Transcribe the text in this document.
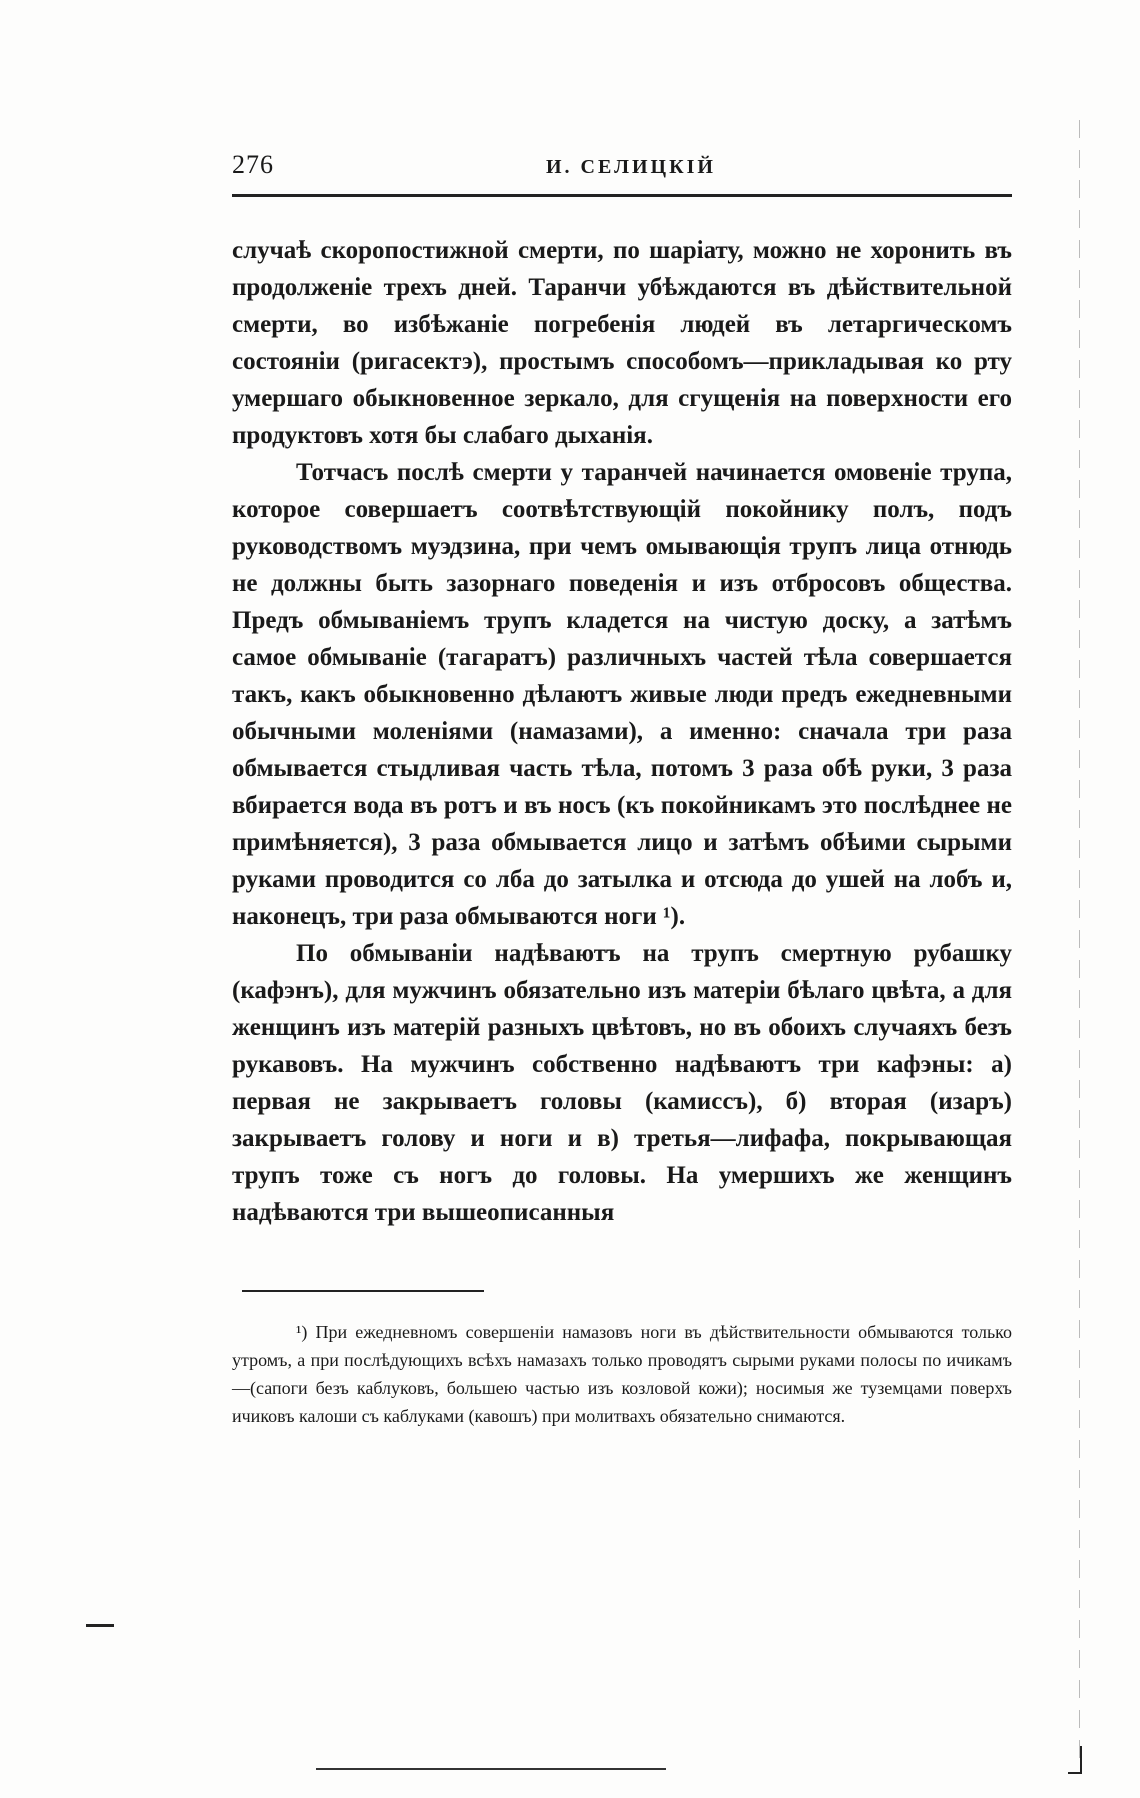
276	И. СЕЛИЦКІЙ

случаѣ скоропостижной смерти, по шаріату, можно не хоронить въ продолженіе трехъ дней. Таранчи убѣждаются въ дѣйствительной смерти, во избѣжаніе погребенія людей въ летаргическомъ состояніи (ригасектэ), простымъ способомъ—прикладывая ко рту умершаго обыкновенное зеркало, для сгущенія на поверхности его продуктовъ хотя бы слабаго дыханія.

Тотчасъ послѣ смерти у таранчей начинается омовеніе трупа, которое совершаетъ соотвѣтствующій покойнику полъ, подъ руководствомъ муэдзина, при чемъ омывающія трупъ лица отнюдь не должны быть зазорнаго поведенія и изъ отбросовъ общества. Предъ обмываніемъ трупъ кладется на чистую доску, а затѣмъ самое обмываніе (тагаратъ) различныхъ частей тѣла совершается такъ, какъ обыкновенно дѣлаютъ живые люди предъ ежедневными обычными моленіями (намазами), а именно: сначала три раза обмывается стыдливая часть тѣла, потомъ 3 раза обѣ руки, 3 раза вбирается вода въ ротъ и въ носъ (къ покойникамъ это послѣднее не примѣняется), 3 раза обмывается лицо и затѣмъ обѣими сырыми руками проводится со лба до затылка и отсюда до ушей на лобъ и, наконецъ, три раза обмываются ноги ¹).

По обмываніи надѣваютъ на трупъ смертную рубашку (кафэнъ), для мужчинъ обязательно изъ матеріи бѣлаго цвѣта, а для женщинъ изъ матерій разныхъ цвѣтовъ, но въ обоихъ случаяхъ безъ рукавовъ. На мужчинъ собственно надѣваютъ три кафэны: а) первая не закрываетъ головы (камиссъ), б) вторая (изаръ) закрываетъ голову и ноги и в) третья—лифафа, покрывающая трупъ тоже съ ногъ до головы. На умершихъ же женщинъ надѣваются три вышеописанныя

¹) При ежедневномъ совершеніи намазовъ ноги въ дѣйствительности обмываются только утромъ, а при послѣдующихъ всѣхъ намазахъ только проводятъ сырыми руками полосы по ичикамъ—(сапоги безъ каблуковъ, большею частью изъ козловой кожи); носимыя же туземцами поверхъ ичиковъ калоши съ каблуками (кавошъ) при молитвахъ обязательно снимаются.
